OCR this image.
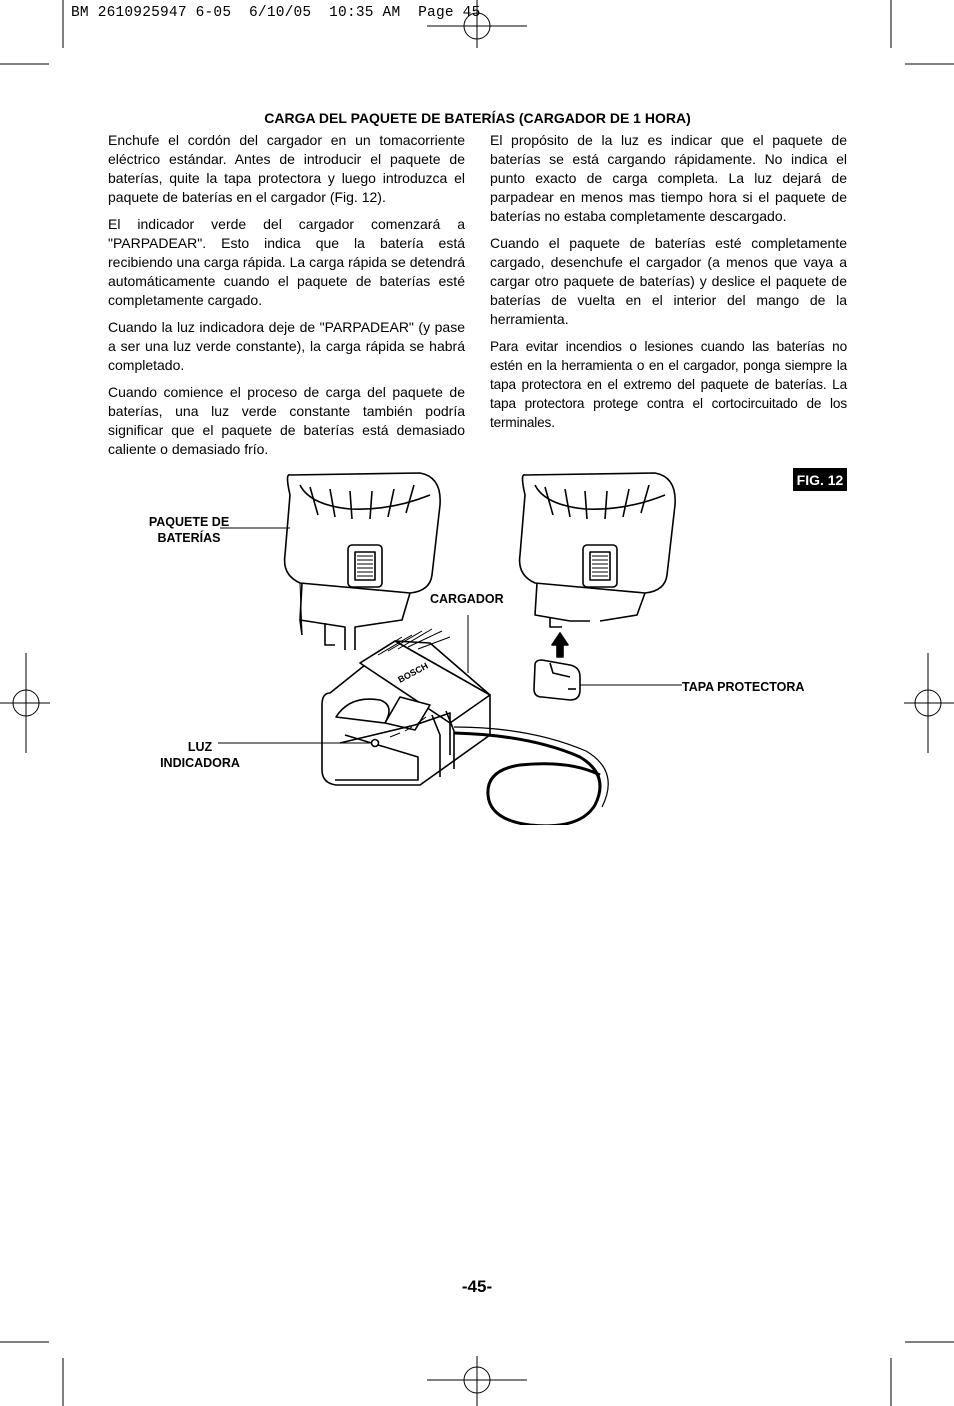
BM 2610925947 6-05  6/10/05  10:35 AM  Page 45
CARGA DEL PAQUETE DE BATERÍAS (CARGADOR DE 1 HORA)

Enchufe el cordón del cargador en un tomacorriente eléctrico estándar. Antes de introducir el paquete de baterías, quite la tapa protectora y luego introduzca el paquete de baterías en el cargador (Fig. 12).

El indicador verde del cargador comenzará a "PARPADEAR". Esto indica que la batería está recibiendo una carga rápida. La carga rápida se detendrá automáticamente cuando el paquete de baterías esté completamente cargado.

Cuando la luz indicadora deje de "PARPADEAR" (y pase a ser una luz verde constante), la carga rápida se habrá completado.

Cuando comience el proceso de carga del paquete de baterías, una luz verde constante también podría significar que el paquete de baterías está demasiado caliente o demasiado frío.

El propósito de la luz es indicar que el paquete de baterías se está cargando rápidamente. No indica el punto exacto de carga completa. La luz dejará de parpadear en menos mas tiempo hora si el paquete de baterías no estaba completamente descargado.

Cuando el paquete de baterías esté completamente cargado, desenchufe el cargador (a menos que vaya a cargar otro paquete de baterías) y deslice el paquete de baterías de vuelta en el interior del mango de la herramienta.

Para evitar incendios o lesiones cuando las baterías no estén en la herramienta o en el cargador, ponga siempre la tapa protectora en el extremo del paquete de baterías. La tapa protectora protege contra el cortocircuitado de los terminales.

FIG. 12
BOSCH
PAQUETE DE
BATERÍAS
CARGADOR
TAPA PROTECTORA
LUZ
INDICADORA
-45-
